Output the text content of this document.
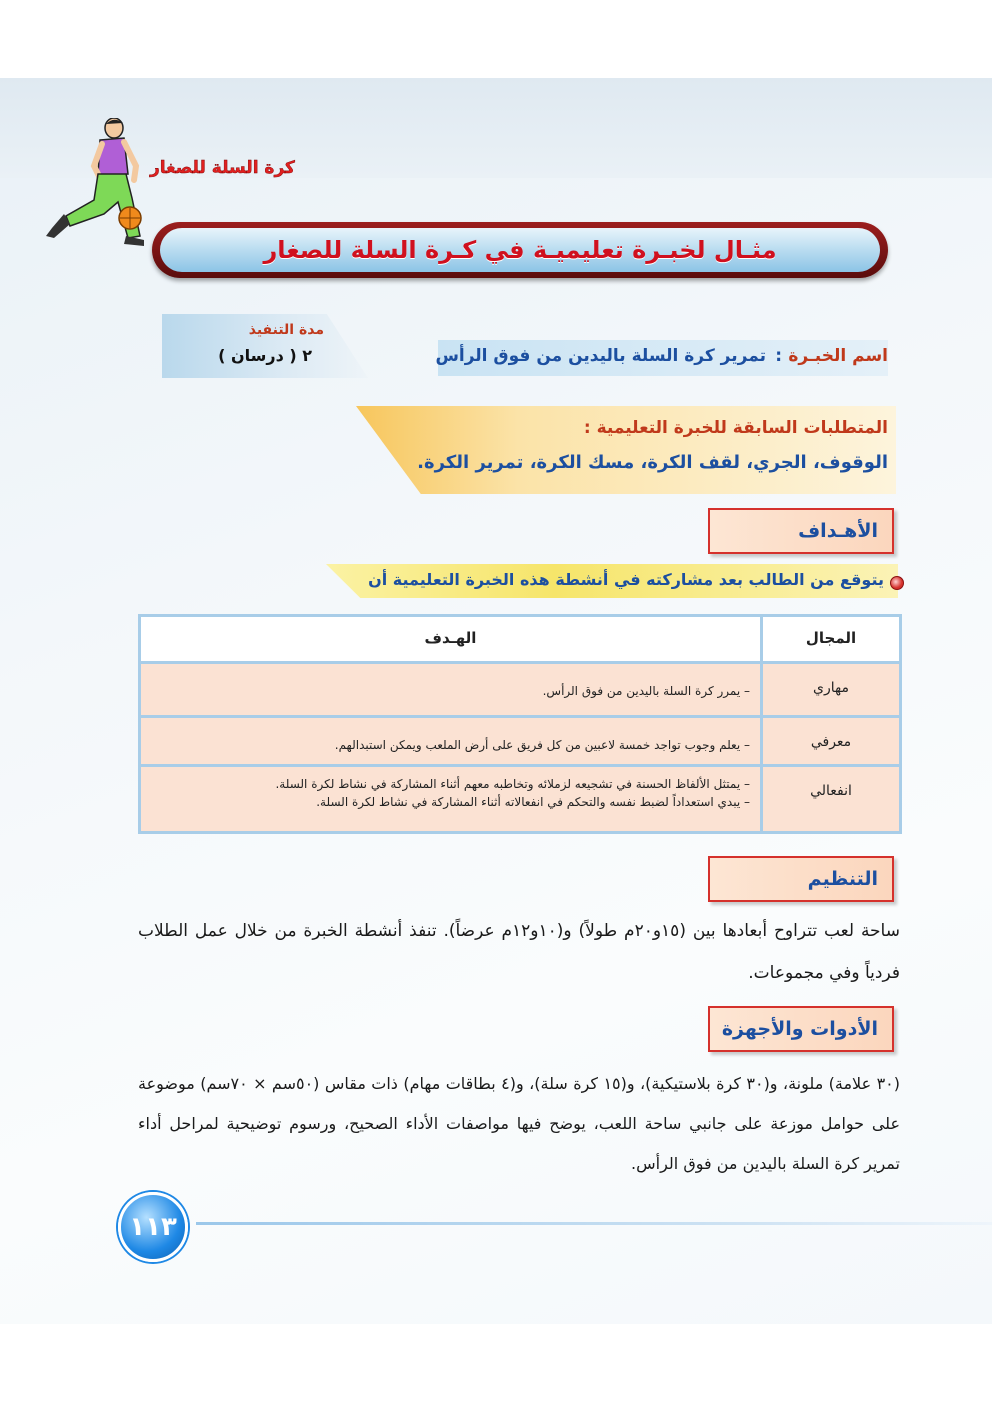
كرة السلة للصغار
مثـال لخبـرة تعليميـة في كـرة السلة للصغار
مدة التنفيذ
٢ ( درسان )	اسم الخبـرة
:
تمرير كرة السلة باليدين من فوق الرأس
المتطلبات السابقة للخبرة التعليمية :
الوقوف، الجري، لقف الكرة، مسك الكرة، تمرير الكرة.
الأهـداف
يتوقع من الطالب بعد مشاركته في أنشطة هذه الخبرة التعليمية أن
المجال
الهـدف
مهاري
– يمرر كرة السلة باليدين من فوق الرأس.
معرفي
– يعلم وجوب تواجد خمسة لاعبين من كل فريق على أرض الملعب ويمكن استبدالهم.
انفعالي
– يمتثل الألفاظ الحسنة في تشجيعه لزملائه وتخاطبه معهم أثناء المشاركة في نشاط لكرة السلة.
– يبدي استعداداً لضبط نفسه والتحكم في انفعالاته أثناء المشاركة في نشاط لكرة السلة.
التنظيم

ساحة لعب تتراوح أبعادها بين (١٥و٢٠م طولاً) و(١٠و١٢م عرضاً). تنفذ أنشطة الخبرة من خلال عمل الطلاب فردياً وفي مجموعات.

الأدوات والأجهزة

(٣٠ علامة) ملونة، و(٣٠ كرة بلاستيكية)، و(١٥ كرة سلة)، و(٤ بطاقات مهام) ذات مقاس (٥٠سم × ٧٠سم) موضوعة على حوامل موزعة على جانبي ساحة اللعب، يوضح فيها مواصفات الأداء الصحيح، ورسوم توضيحية لمراحل أداء تمرير كرة السلة باليدين من فوق الرأس.

١١٣
